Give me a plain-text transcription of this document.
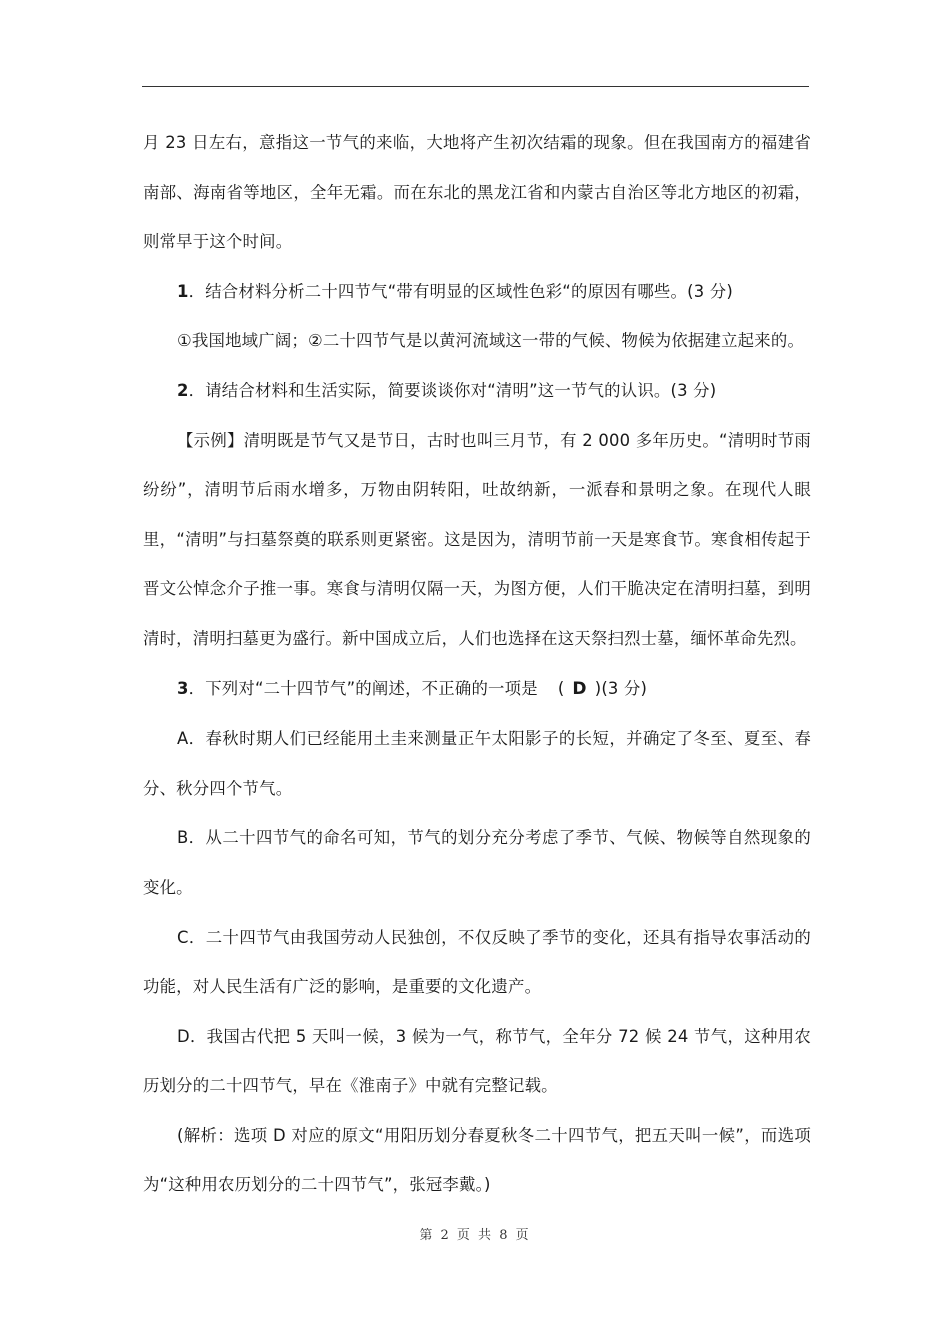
月 23 日左右，意指这一节气的来临，大地将产生初次结霜的现象。但在我国南方的福建省南部、海南省等地区，全年无霜。而在东北的黑龙江省和内蒙古自治区等北方地区的初霜，则常早于这个时间。

1．结合材料分析二十四节气“带有明显的区域性色彩“的原因有哪些。(3 分)

①我国地域广阔；②二十四节气是以黄河流域这一带的气候、物候为依据建立起来的。

2．请结合材料和生活实际，简要谈谈你对“清明”这一节气的认识。(3 分)

【示例】清明既是节气又是节日，古时也叫三月节，有 2 000 多年历史。“清明时节雨纷纷”，清明节后雨水增多，万物由阴转阳，吐故纳新，一派春和景明之象。在现代人眼里，“清明”与扫墓祭奠的联系则更紧密。这是因为，清明节前一天是寒食节。寒食相传起于晋文公悼念介子推一事。寒食与清明仅隔一天，为图方便，人们干脆决定在清明扫墓，到明清时，清明扫墓更为盛行。新中国成立后，人们也选择在这天祭扫烈士墓，缅怀革命先烈。

3．下列对“二十四节气”的阐述，不正确的一项是 ( D )(3 分)

A．春秋时期人们已经能用土圭来测量正午太阳影子的长短，并确定了冬至、夏至、春分、秋分四个节气。

B．从二十四节气的命名可知，节气的划分充分考虑了季节、气候、物候等自然现象的变化。

C．二十四节气由我国劳动人民独创，不仅反映了季节的变化，还具有指导农事活动的功能，对人民生活有广泛的影响，是重要的文化遗产。

D．我国古代把 5 天叫一候，3 候为一气，称节气，全年分 72 候 24 节气，这种用农历划分的二十四节气，早在《淮南子》中就有完整记载。

(解析：选项 D 对应的原文“用阳历划分春夏秋冬二十四节气，把五天叫一候”，而选项为“这种用农历划分的二十四节气”，张冠李戴。)

第 2 页 共 8 页
